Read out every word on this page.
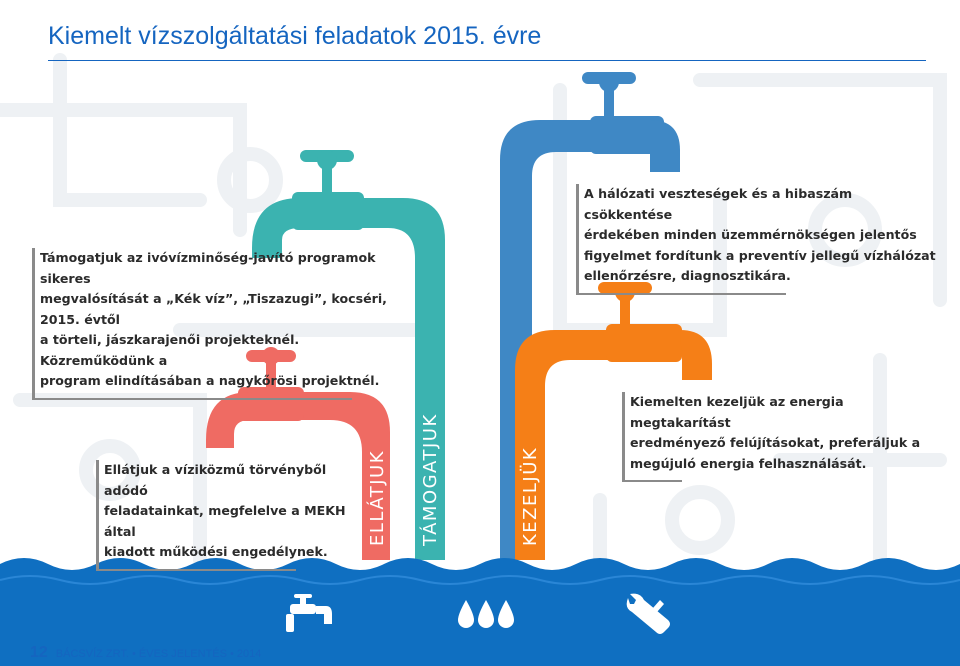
Kiemelt vízszolgáltatási feladatok 2015. évre

Támogatjuk az ivóvízminőség-javító programok sikeres

megvalósítását a „Kék víz”, „Tiszazugi”, kocséri, 2015. évtől

a törteli, jászkarajenői projekteknél. Közreműködünk a

program elindításában a nagykőrösi projektnél.

Ellátjuk a víziközmű törvényből adódó

feladatainkat, megfelelve a MEKH által

kiadott működési engedélynek.

A hálózati veszteségek és a hibaszám csökkentése

érdekében minden üzemmérnökségen jelentős

figyelmet fordítunk a preventív jellegű vízhálózat

ellenőrzésre, diagnosztikára.

Kiemelten kezeljük az energia megtakarítást

eredményező felújításokat, preferáljuk a

megújuló energia felhasználását.

ELLÁTJUK TÁMOGATJUK FIGYELMET FORDÍTUNK KEZELJÜK
12 BÁCSVÍZ ZRT. • ÉVES JELENTÉS • 2014
